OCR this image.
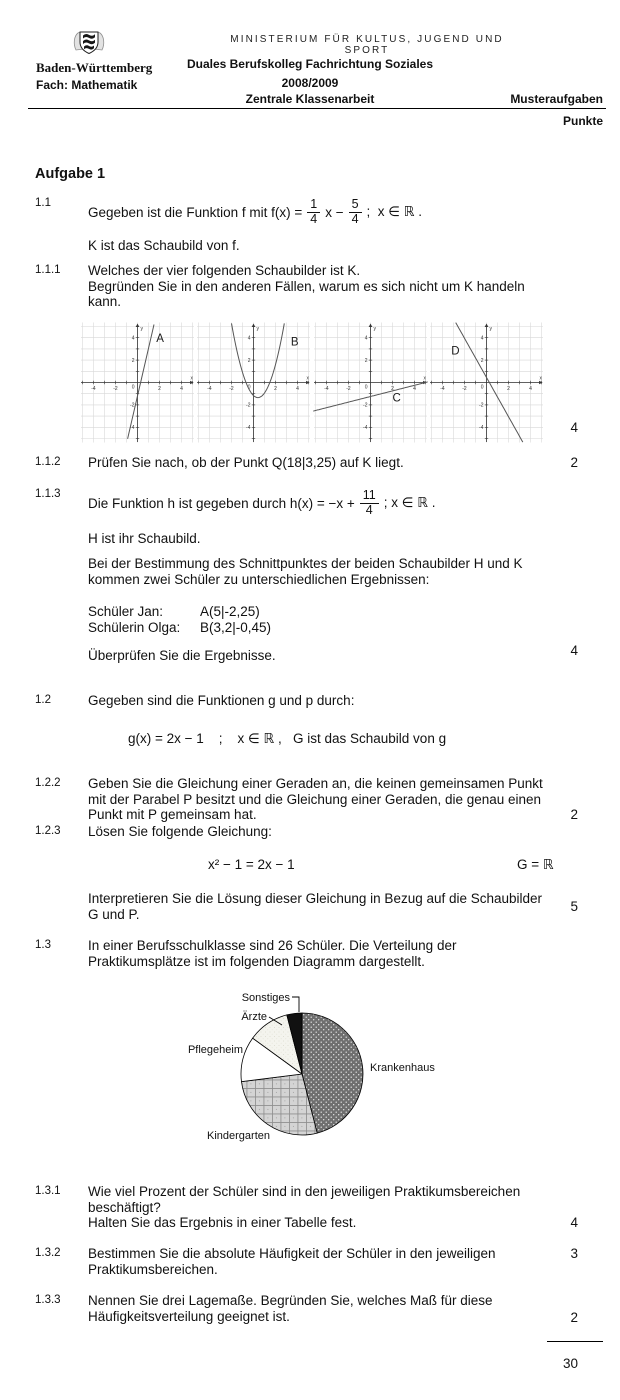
MINISTERIUM FÜR KULTUS, JUGEND UND SPORT
Baden-Württemberg
Fach: Mathematik
Duales Berufskolleg Fachrichtung Soziales
2008/2009
Zentrale Klassenarbeit	Musteraufgaben
Punkte
Aufgabe 1
1.1
Gegeben ist die Funktion f mit $f(x) = \frac{1}{4}$ $x - \frac{5}{4}$ ;  x ∈ ℝ .
K ist das Schaubild von f.
1.1.1 Welches der vier folgenden Schaubilder ist K.
Begründen Sie in den anderen Fällen, warum es sich nicht um K handeln
kann.
-4	-2	2	4
-4
-2
2
4
0
x
y
A
-4	-2	2	4
-4
-2
2
4
0
x
y
B
-4	-2	2	4
-4
-2
2
4
0
x
y
C
-4	-2	2	4
-4
-2
2
4
0
x
y
D
4
1.1.2 Prüfen Sie nach, ob der Punkt Q(18|3,25) auf K liegt.	2
1.1.3
Die Funktion h ist gegeben durch $h(x) = -x + \frac{11}{4}$ ; x ∈ ℝ .
H ist ihr Schaubild.
Bei der Bestimmung des Schnittpunktes der beiden Schaubilder H und K
kommen zwei Schüler zu unterschiedlichen Ergebnissen:
Schüler Jan:	A(5|-2,25)
Schülerin Olga: B(3,2|-0,45)
Überprüfen Sie die Ergebnisse.	4
1.2	Gegeben sind die Funktionen g und p durch:
g(x) = 2x − 1    ;    x ∈ ℝ ,   G ist das Schaubild von g
1.2.2 Geben Sie die Gleichung einer Geraden an, die keinen gemeinsamen Punkt
mit der Parabel P besitzt und die Gleichung einer Geraden, die genau einen
Punkt mit P gemeinsam hat.	2
1.2.3 Lösen Sie folgende Gleichung:
x² − 1 = 2x − 1	G = ℝ
Interpretieren Sie die Lösung dieser Gleichung in Bezug auf die Schaubilder
G und P.	5
1.3	In einer Berufsschulklasse sind 26 Schüler. Die Verteilung der
Praktikumsplätze ist im folgenden Diagramm dargestellt.
Sonstiges
Ärzte
Pflegeheim
Krankenhaus
Kindergarten
1.3.1 Wie viel Prozent der Schüler sind in den jeweiligen Praktikumsbereichen
beschäftigt?
Halten Sie das Ergebnis in einer Tabelle fest.	4
1.3.2 Bestimmen Sie die absolute Häufigkeit der Schüler in den jeweiligen
Praktikumsbereichen.
3
1.3.3 Nennen Sie drei Lagemaße. Begründen Sie, welches Maß für diese
Häufigkeitsverteilung geeignet ist.	2
30
